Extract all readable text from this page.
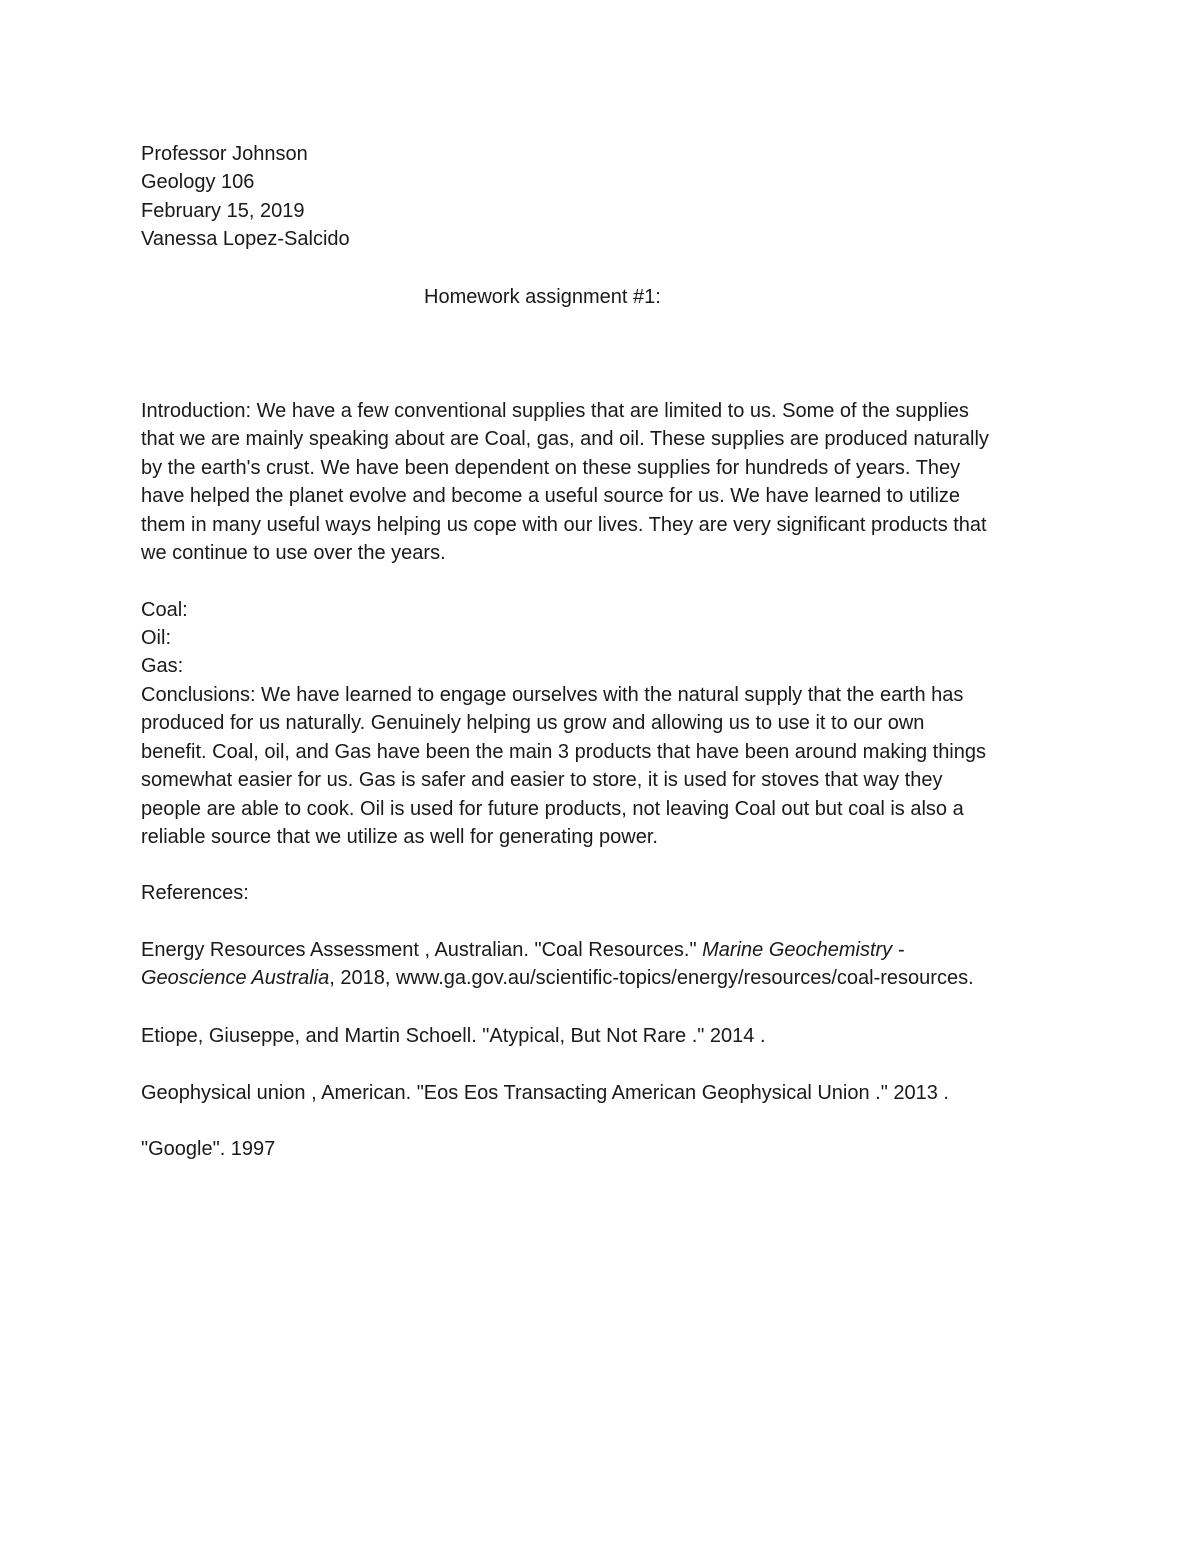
Professor Johnson
Geology 106
February 15, 2019
Vanessa Lopez-Salcido
Homework assignment #1:
Introduction: We have a few conventional supplies that are limited to us. Some of the supplies
that we are mainly speaking about are Coal, gas, and oil. These supplies are produced naturally
by the earth's crust. We have been dependent on these supplies for hundreds of years. They
have helped the planet evolve and become a useful source for us. We have learned to utilize
them in many useful ways helping us cope with our lives. They are very significant products that
we continue to use over the years.
Coal:
Oil:
Gas:
Conclusions: We have learned to engage ourselves with the natural supply that the earth has
produced for us naturally. Genuinely helping us grow and allowing us to use it to our own
benefit. Coal, oil, and Gas have been the main 3 products that have been around making things
somewhat easier for us. Gas is safer and easier to store, it is used for stoves that way they
people are able to cook. Oil is used for future products, not leaving Coal out but coal is also a
reliable source that we utilize as well for generating power.
References:
Energy Resources Assessment , Australian. "Coal Resources." Marine Geochemistry -
Geoscience Australia, 2018, www.ga.gov.au/scientific-topics/energy/resources/coal-resources.
Etiope, Giuseppe, and Martin Schoell. "Atypical, But Not Rare ." 2014 .
Geophysical union , American. "Eos Eos Transacting American Geophysical Union ." 2013 .
"Google". 1997
